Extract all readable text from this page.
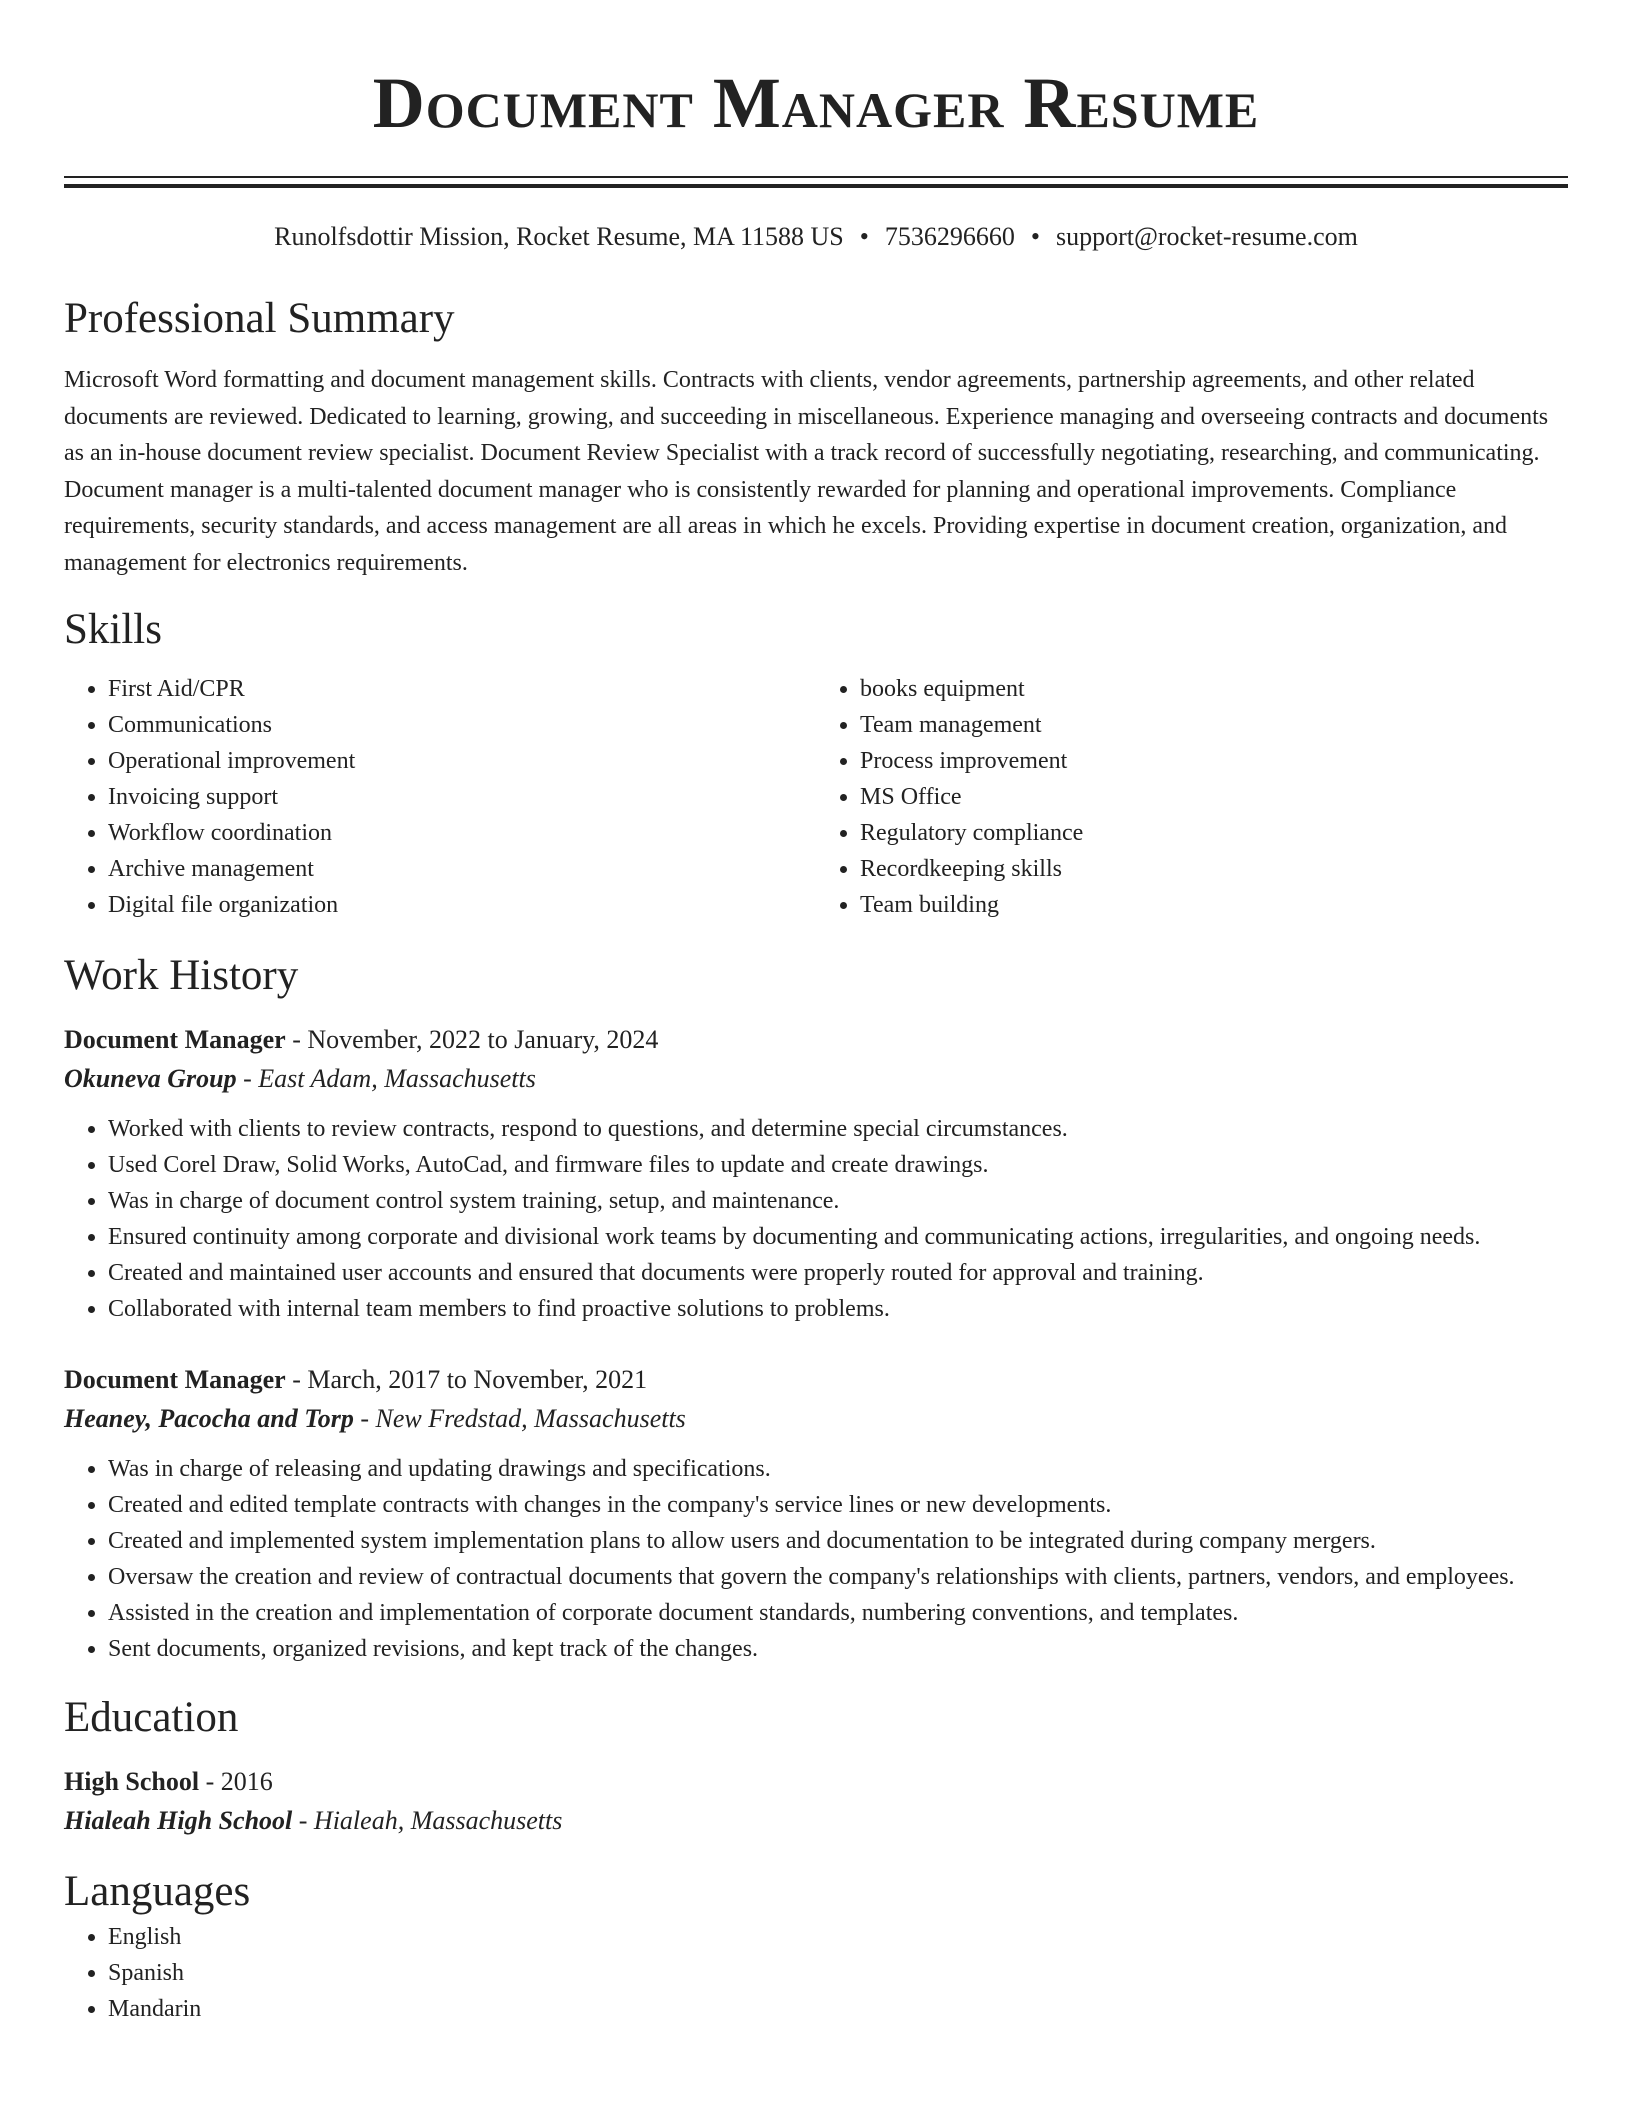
Document Manager Resume
Runolfsdottir Mission, Rocket Resume, MA 11588 US • 7536296660 • support@rocket-resume.com
Professional Summary

Microsoft Word formatting and document management skills. Contracts with clients, vendor agreements, partnership agreements, and other related documents are reviewed. Dedicated to learning, growing, and succeeding in miscellaneous. Experience managing and overseeing contracts and documents as an in-house document review specialist. Document Review Specialist with a track record of successfully negotiating, researching, and communicating. Document manager is a multi-talented document manager who is consistently rewarded for planning and operational improvements. Compliance requirements, security standards, and access management are all areas in which he excels. Providing expertise in document creation, organization, and management for electronics requirements.

Skills
• First Aid/CPR
• Communications
• Operational improvement
• Invoicing support
• Workflow coordination
• Archive management
• Digital file organization
• books equipment
• Team management
• Process improvement
• MS Office
• Regulatory compliance
• Recordkeeping skills
• Team building
Work History
Document Manager - November, 2022 to January, 2024
Okuneva Group - East Adam, Massachusetts
• Worked with clients to review contracts, respond to questions, and determine special circumstances.
• Used Corel Draw, Solid Works, AutoCad, and firmware files to update and create drawings.
• Was in charge of document control system training, setup, and maintenance.
• Ensured continuity among corporate and divisional work teams by documenting and communicating actions, irregularities, and ongoing needs.
• Created and maintained user accounts and ensured that documents were properly routed for approval and training.
• Collaborated with internal team members to find proactive solutions to problems.
Document Manager - March, 2017 to November, 2021
Heaney, Pacocha and Torp - New Fredstad, Massachusetts
• Was in charge of releasing and updating drawings and specifications.
• Created and edited template contracts with changes in the company's service lines or new developments.
• Created and implemented system implementation plans to allow users and documentation to be integrated during company mergers.
• Oversaw the creation and review of contractual documents that govern the company's relationships with clients, partners, vendors, and employees.
• Assisted in the creation and implementation of corporate document standards, numbering conventions, and templates.
• Sent documents, organized revisions, and kept track of the changes.
Education
High School - 2016
Hialeah High School - Hialeah, Massachusetts
Languages
• English
• Spanish
• Mandarin
